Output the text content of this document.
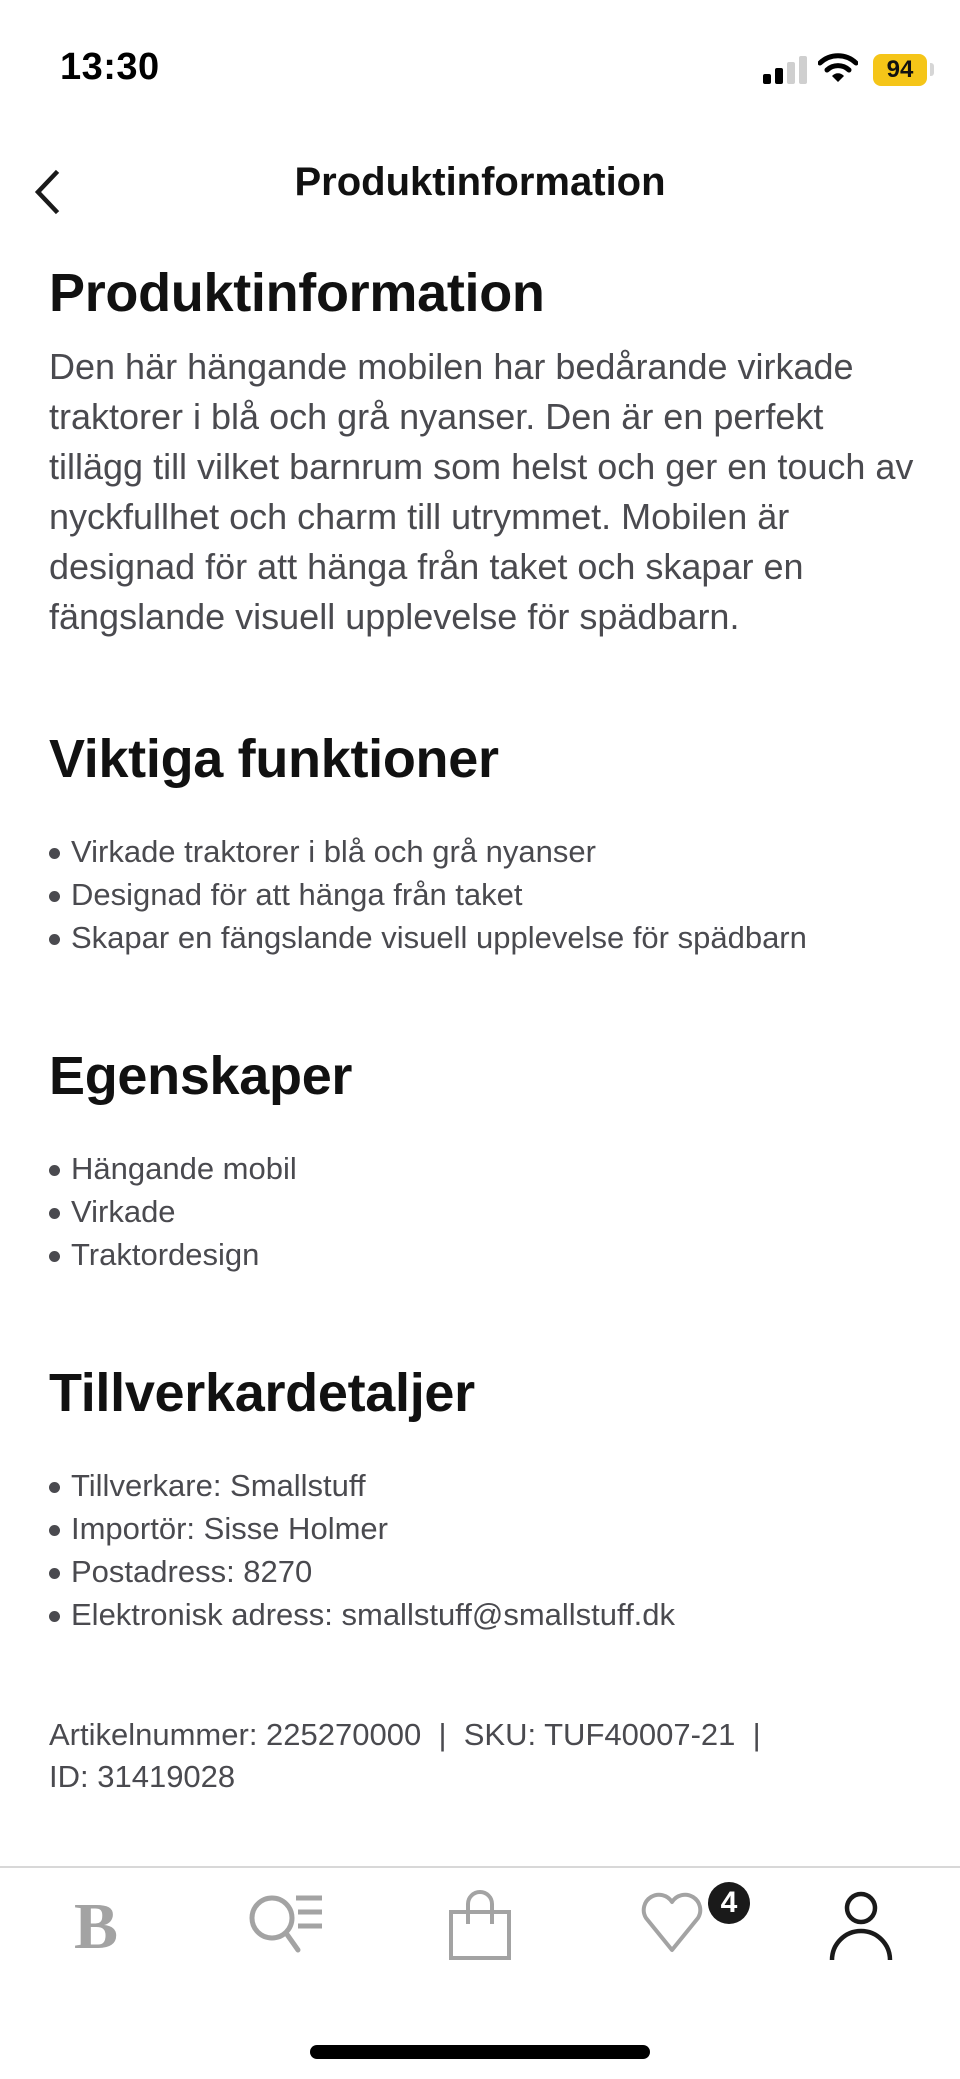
13:30	94
Produktinformation
Produktinformation

Den här hängande mobilen har bedårande virkade traktorer i blå och grå nyanser. Den är en perfekt tillägg till vilket barnrum som helst och ger en touch av nyckfullhet och charm till utrymmet. Mobilen är designad för att hänga från taket och skapar en fängslande visuell upplevelse för spädbarn.

Viktiga funktioner
Virkade traktorer i blå och grå nyanser
Designad för att hänga från taket
Skapar en fängslande visuell upplevelse för spädbarn
Egenskaper
Hängande mobil
Virkade
Traktordesign
Tillverkardetaljer
Tillverkare: Smallstuff
Importör: Sisse Holmer
Postadress: 8270
Elektronisk adress: smallstuff@smallstuff.dk
Artikelnummer: 225270000  |  SKU: TUF40007-21  |
ID: 31419028
B	4
